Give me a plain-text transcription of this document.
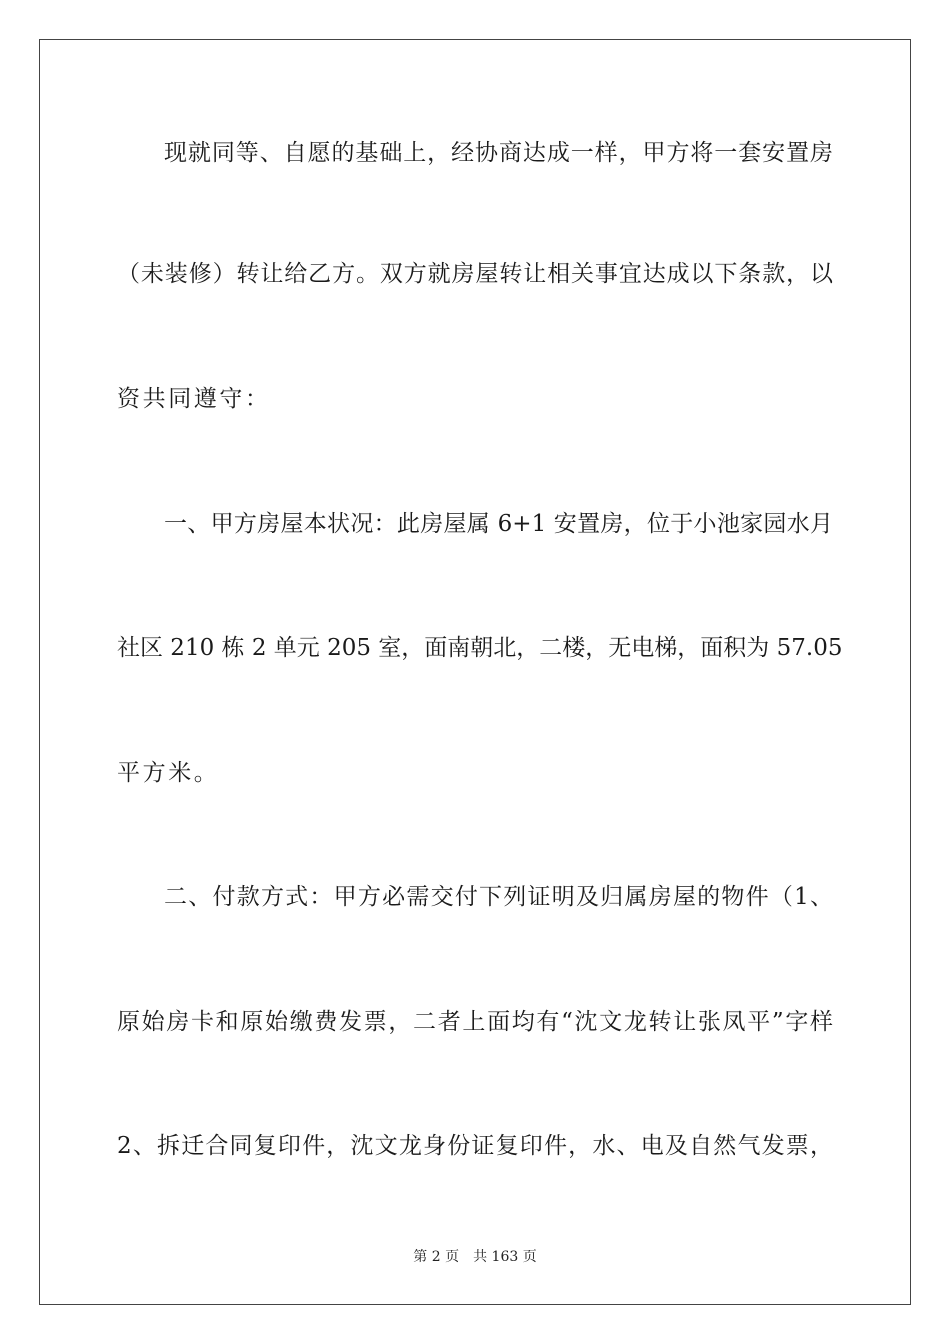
现就同等、自愿的基础上，经协商达成一样，甲方将一套安置房
（未装修）转让给乙方。双方就房屋转让相关事宜达成以下条款，以
资共同遵守：
一、甲方房屋本状况：此房屋属 6+1 安置房，位于小池家园水月
社区 210 栋 2 单元 205 室，面南朝北，二楼，无电梯，面积为 57.05
平方米。
二、付款方式：甲方必需交付下列证明及归属房屋的物件（1、
原始房卡和原始缴费发票，二者上面均有“沈文龙转让张凤平”字样
2、拆迁合同复印件，沈文龙身份证复印件，水、电及自然气发票，
第 2 页 共 163 页
